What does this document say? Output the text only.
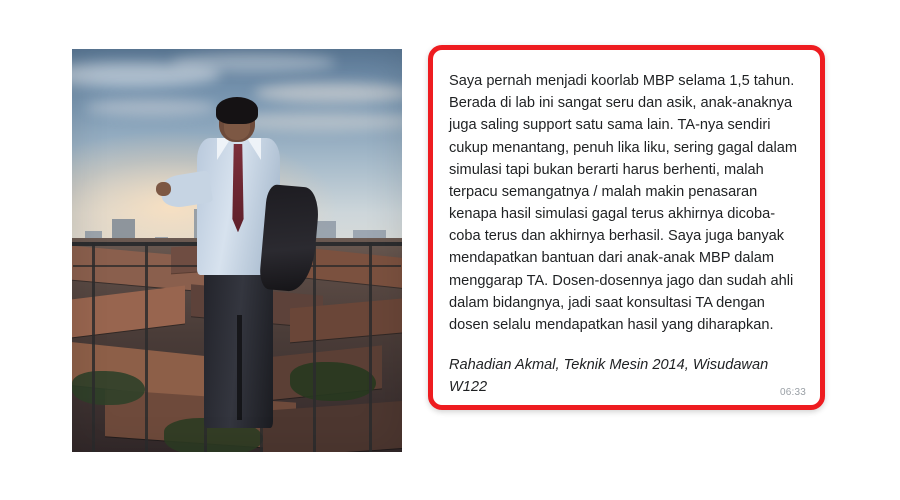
Saya pernah menjadi koorlab MBP selama 1,5 tahun. Berada di lab ini sangat seru dan asik, anak-anaknya juga saling support satu sama lain. TA-nya sendiri cukup menantang, penuh lika liku, sering gagal dalam simulasi tapi bukan berarti harus berhenti, malah terpacu semangatnya / malah makin penasaran kenapa hasil simulasi gagal terus akhirnya dicoba-coba terus dan akhirnya berhasil. Saya juga banyak mendapatkan bantuan dari anak-anak MBP dalam menggarap TA. Dosen-dosennya jago dan sudah ahli dalam bidangnya, jadi saat konsultasi TA dengan dosen selalu mendapatkan hasil yang diharapkan.

Rahadian Akmal, Teknik Mesin 2014, Wisudawan W122	06:33
